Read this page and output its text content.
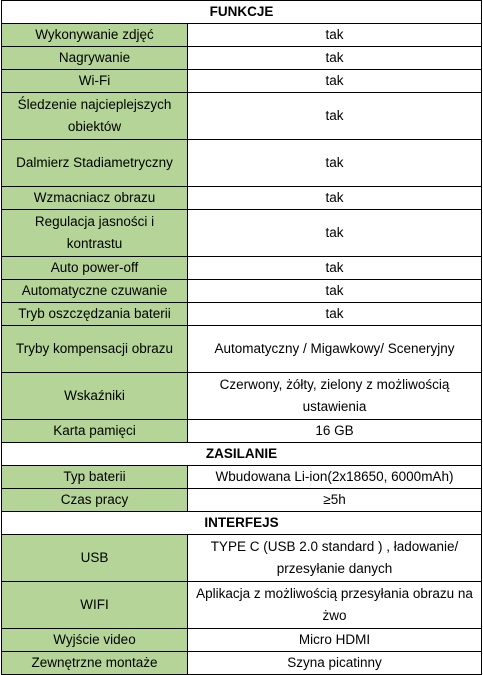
FUNKCJE	
Wykonywanie zdjęć	tak
Nagrywanie	tak
Wi-Fi	tak
Śledzenie najcieplejszych obiektów	tak
Dalmierz Stadiametryczny	tak
Wzmacniacz obrazu	tak
Regulacja jasności i kontrastu	tak
Auto power-off	tak
Automatyczne czuwanie	tak
Tryb oszczędzania baterii	tak
Tryby kompensacji obrazu	Automatyczny / Migawkowy/ Sceneryjny
Wskaźniki	Czerwony, żółty, zielony z możliwością ustawienia
Karta pamięci	16 GB
ZASILANIE	
Typ baterii	Wbudowana Li-ion(2x18650, 6000mAh)
Czas pracy	≥5h
INTERFEJS	
USB	TYPE C (USB 2.0 standard ) , ładowanie/ przesyłanie danych
WIFI	Aplikacja z możliwością przesyłania obrazu na żwo
Wyjście video	Micro HDMI
Zewnętrzne montaże	Szyna picatinny
